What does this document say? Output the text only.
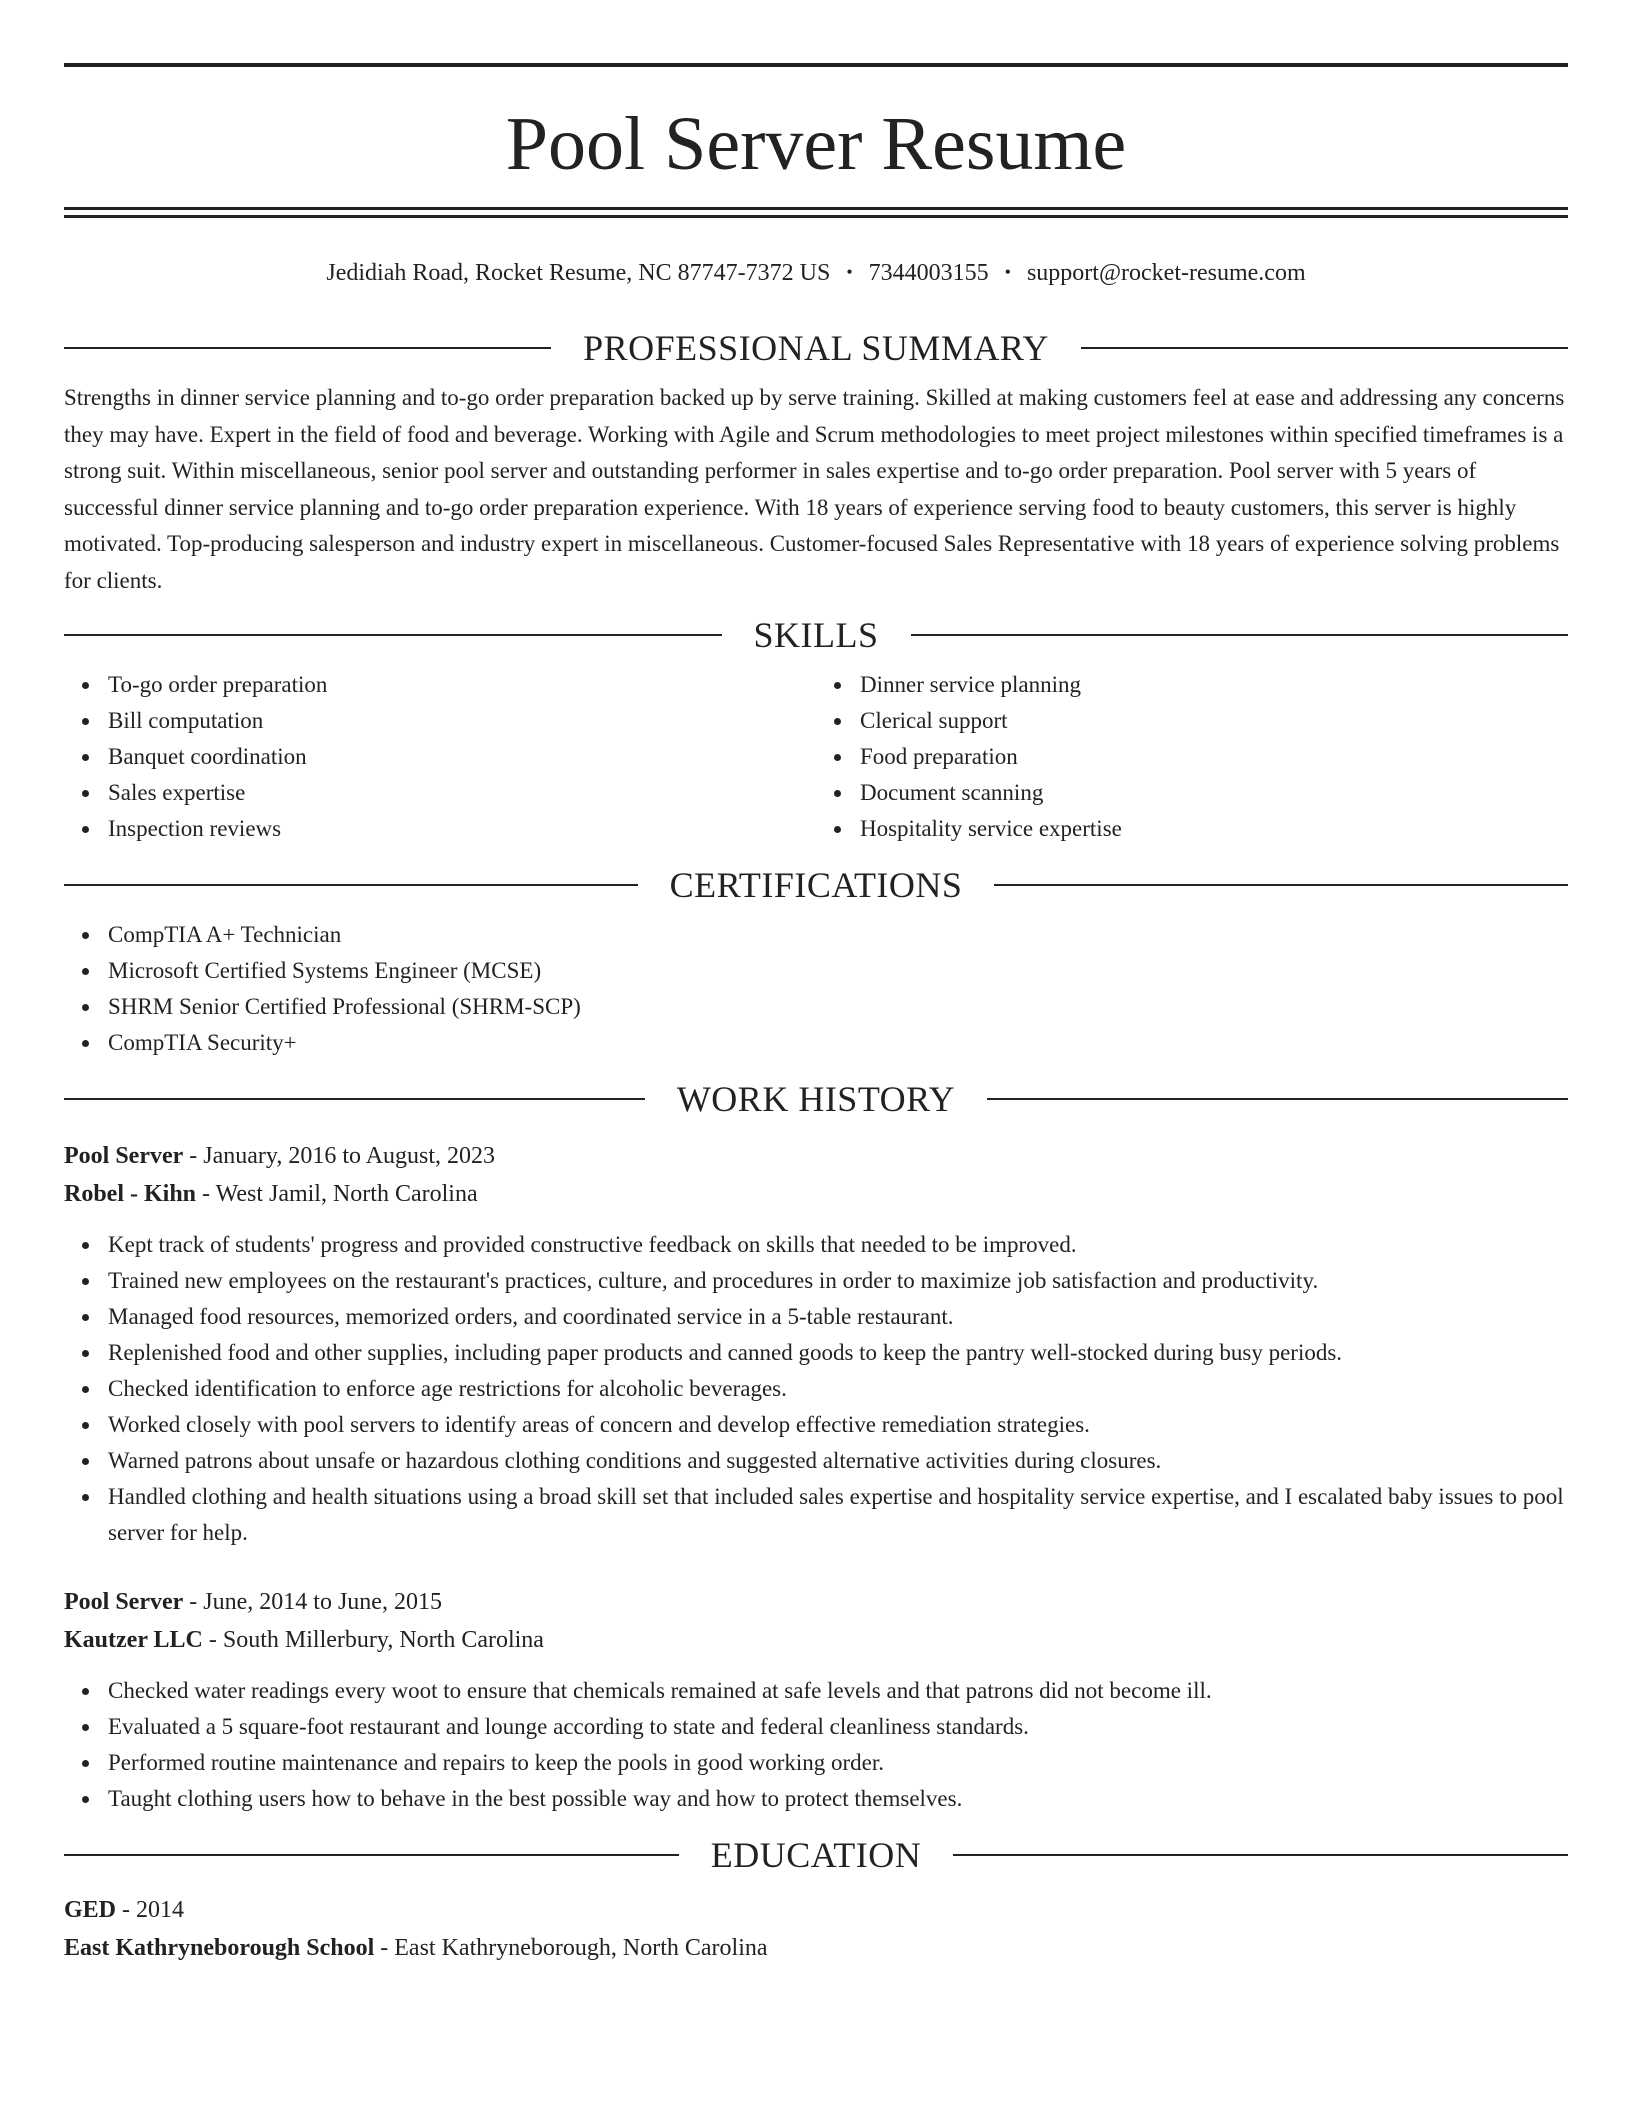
Pool Server Resume
Jedidiah Road, Rocket Resume, NC 87747-7372 US • 7344003155 • support@rocket-resume.com
PROFESSIONAL SUMMARY

Strengths in dinner service planning and to-go order preparation backed up by serve training. Skilled at making customers feel at ease and addressing any concerns they may have. Expert in the field of food and beverage. Working with Agile and Scrum methodologies to meet project milestones within specified timeframes is a strong suit. Within miscellaneous, senior pool server and outstanding performer in sales expertise and to-go order preparation. Pool server with 5 years of successful dinner service planning and to-go order preparation experience. With 18 years of experience serving food to beauty customers, this server is highly motivated. Top-producing salesperson and industry expert in miscellaneous. Customer-focused Sales Representative with 18 years of experience solving problems for clients.

SKILLS
To-go order preparation
Bill computation
Banquet coordination
Sales expertise
Inspection reviews
Dinner service planning
Clerical support
Food preparation
Document scanning
Hospitality service expertise
CERTIFICATIONS
CompTIA A+ Technician
Microsoft Certified Systems Engineer (MCSE)
SHRM Senior Certified Professional (SHRM-SCP)
CompTIA Security+
WORK HISTORY
Pool Server - January, 2016 to August, 2023
Robel - Kihn - West Jamil, North Carolina
Kept track of students' progress and provided constructive feedback on skills that needed to be improved.
Trained new employees on the restaurant's practices, culture, and procedures in order to maximize job satisfaction and productivity.
Managed food resources, memorized orders, and coordinated service in a 5-table restaurant.
Replenished food and other supplies, including paper products and canned goods to keep the pantry well-stocked during busy periods.
Checked identification to enforce age restrictions for alcoholic beverages.
Worked closely with pool servers to identify areas of concern and develop effective remediation strategies.
Warned patrons about unsafe or hazardous clothing conditions and suggested alternative activities during closures.
Handled clothing and health situations using a broad skill set that included sales expertise and hospitality service expertise, and I escalated baby issues to pool server for help.
Pool Server - June, 2014 to June, 2015
Kautzer LLC - South Millerbury, North Carolina
Checked water readings every woot to ensure that chemicals remained at safe levels and that patrons did not become ill.
Evaluated a 5 square-foot restaurant and lounge according to state and federal cleanliness standards.
Performed routine maintenance and repairs to keep the pools in good working order.
Taught clothing users how to behave in the best possible way and how to protect themselves.
EDUCATION
GED - 2014
East Kathryneborough School - East Kathryneborough, North Carolina
